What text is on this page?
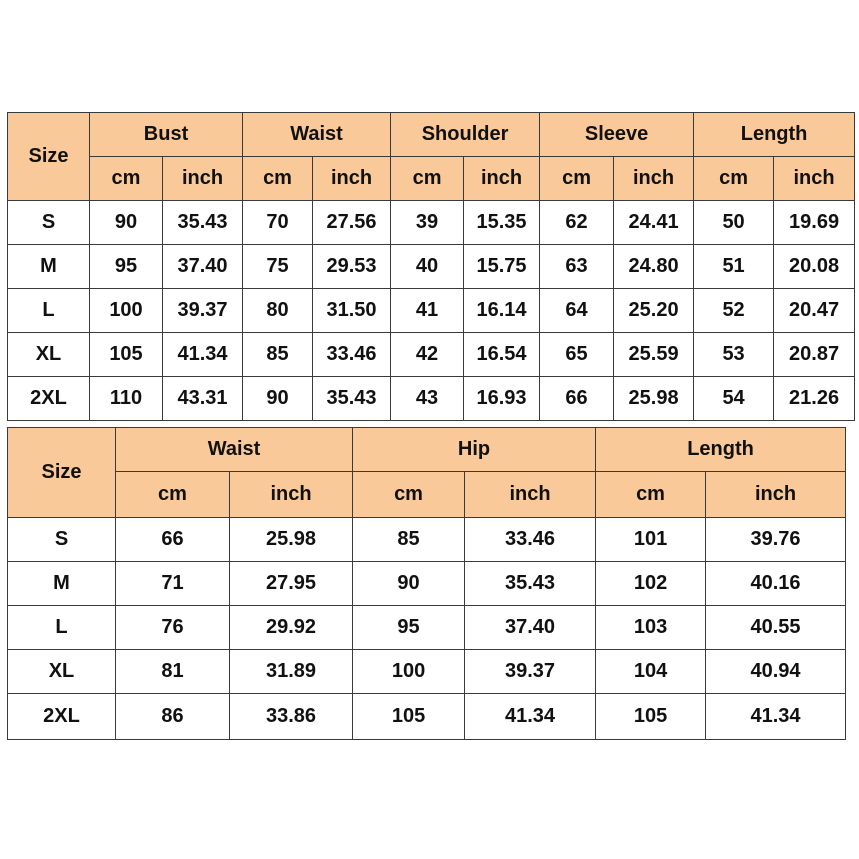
Size	Bust		Waist		Shoulder		Sleeve		Length	
	cm	inch	cm	inch	cm	inch	cm	inch	cm	inch
S	90	35.43	70	27.56	39	15.35	62	24.41	50	19.69
M	95	37.40	75	29.53	40	15.75	63	24.80	51	20.08
L	100	39.37	80	31.50	41	16.14	64	25.20	52	20.47
XL	105	41.34	85	33.46	42	16.54	65	25.59	53	20.87
2XL	110	43.31	90	35.43	43	16.93	66	25.98	54	21.26
Size	Waist		Hip		Length	
	cm	inch	cm	inch	cm	inch
S	66	25.98	85	33.46	101	39.76
M	71	27.95	90	35.43	102	40.16
L	76	29.92	95	37.40	103	40.55
XL	81	31.89	100	39.37	104	40.94
2XL	86	33.86	105	41.34	105	41.34
